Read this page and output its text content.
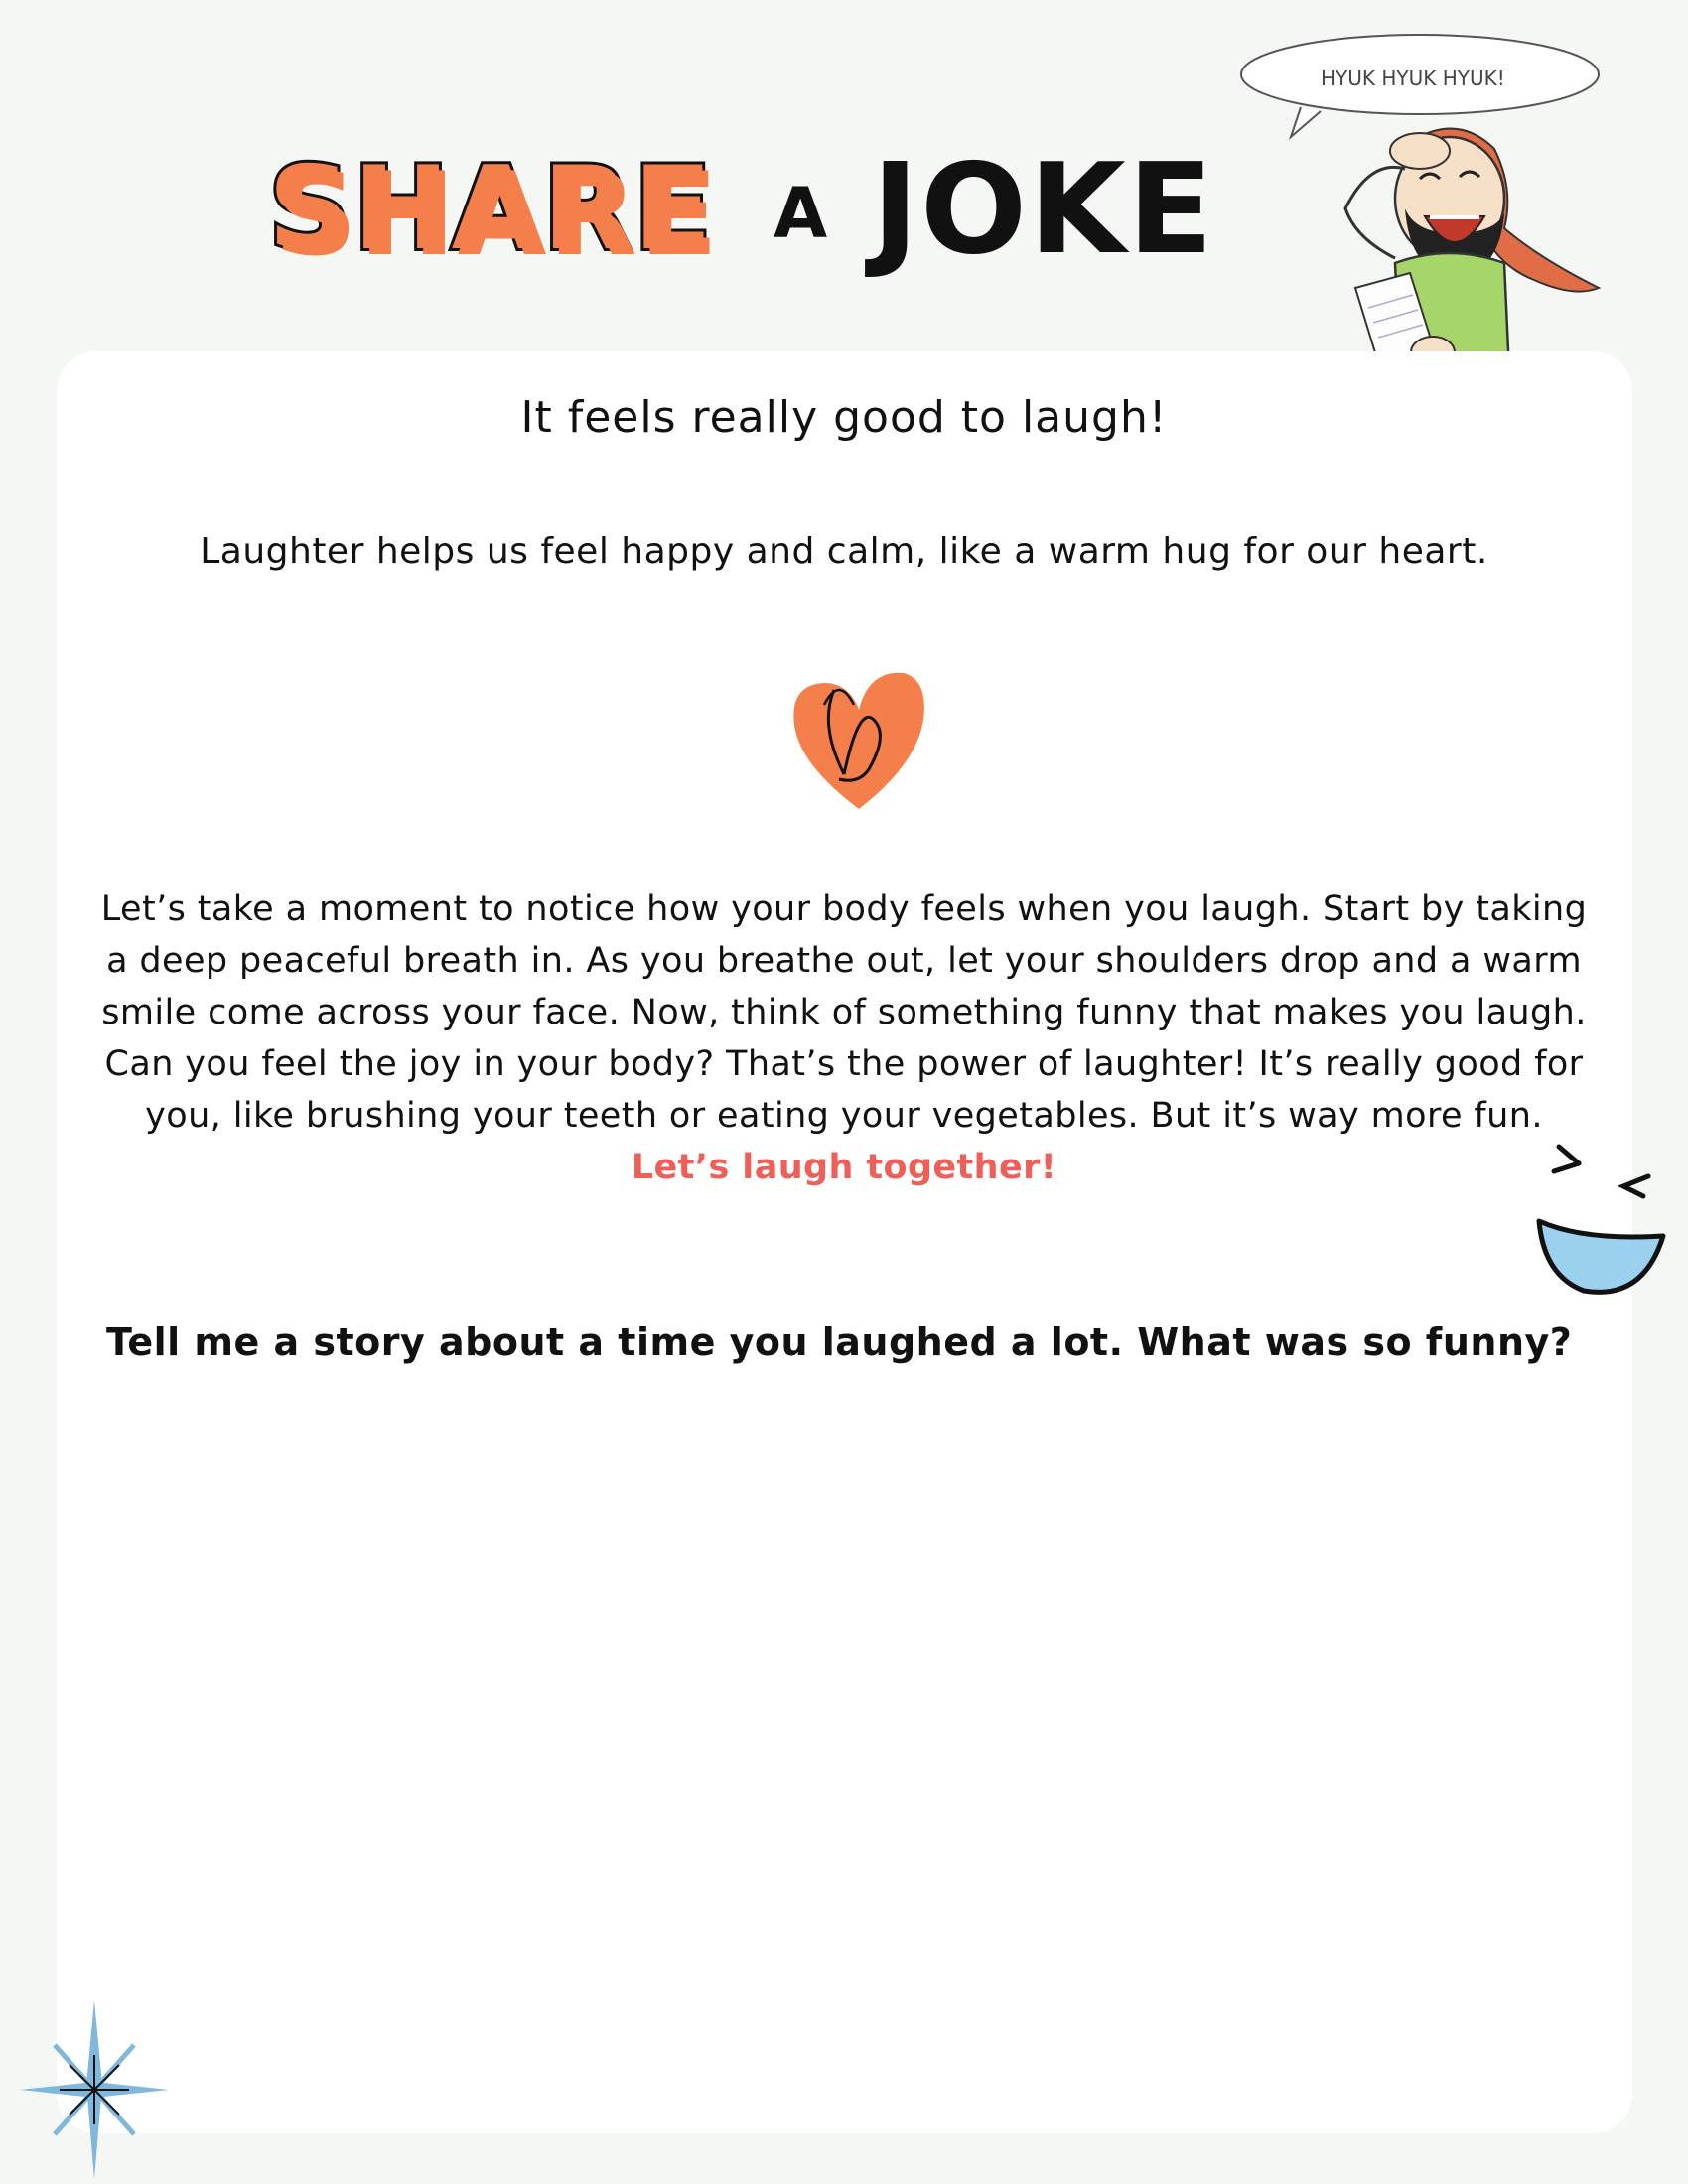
SHARE A JOKE
HYUK HYUK HYUK!
It feels really good to laugh!
Laughter helps us feel happy and calm, like a warm hug for our heart.
Let’s take a moment to notice how your body feels when you laugh. Start by taking a deep peaceful breath in. As you breathe out, let your shoulders drop and a warm smile come across your face. Now, think of something funny that makes you laugh. Can you feel the joy in your body? That’s the power of laughter! It’s really good for you, like brushing your teeth or eating your vegetables. But it’s way more fun. Let’s laugh together!
Tell me a story about a time you laughed a lot. What was so funny?
